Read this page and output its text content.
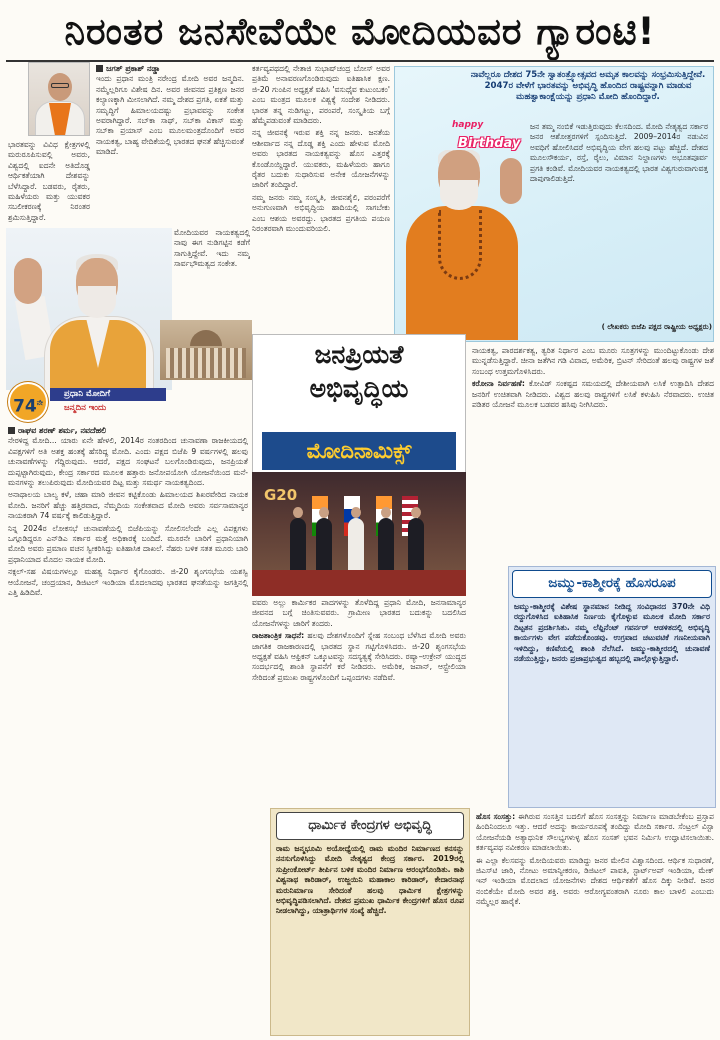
ನಿರಂತರ ಜನಸೇವೆಯೇ ಮೋದಿಯವರ ಗ್ಯಾರಂಟಿ!
ಜಗತ್ ಪ್ರಕಾಶ್ ನಡ್ಡಾ

ಇಂದು ಪ್ರಧಾನ ಮಂತ್ರಿ ನರೇಂದ್ರ ಮೋದಿ ಅವರ ಜನ್ಮದಿನ. ನಮ್ಮೆಲ್ಲರಿಗೂ ವಿಶೇಷ ದಿನ. ಅವರ ಜೀವನದ ಪ್ರತಿಕ್ಷಣ ಜನರ ಕಲ್ಯಾಣಕ್ಕಾಗಿ ಮೀಸಲಾಗಿದೆ. ನಮ್ಮ ದೇಶದ ಪ್ರಗತಿ, ಏಕತೆ ಮತ್ತು ಸಮೃದ್ಧಿಗೆ ಹಿಮಾಲಯದಷ್ಟು ಪ್ರಭಾವವನ್ನು ಸಂಕೇತ ಅವರಾಗಿದ್ದಾರೆ. ಸಬ್‌ಕಾ ಸಾಥ್, ಸಬ್‌ಕಾ ವಿಕಾಸ್ ಮತ್ತು ಸಬ್‌ಕಾ ಪ್ರಯಾಸ್ ಎಂಬ ಮೂಲಮಂತ್ರದೊಂದಿಗೆ ಅವರ ನಾಯಕತ್ವ, ಬಾಹ್ಯ ವೇದಿಕೆಯಲ್ಲಿ ಭಾರತದ ಘನತೆ ಹೆಚ್ಚಿಸುವಂತೆ ಮಾಡಿದೆ.

ಭಾರತವನ್ನು ವಿವಿಧ ಕ್ಷೇತ್ರಗಳಲ್ಲಿ ಮರುರೂಪಿಸುವಲ್ಲಿ ಅವರು, ವಿಶ್ವದಲ್ಲಿ ಐದನೇ ಅತಿದೊಡ್ಡ ಆರ್ಥಿಕತೆಯಾಗಿ ದೇಶವನ್ನು ಬೆಳೆಸಿದ್ದಾರೆ. ಬಡವರು, ರೈತರು, ಮಹಿಳೆಯರು ಮತ್ತು ಯುವಕರ ಸಬಲೀಕರಣಕ್ಕೆ ನಿರಂತರ ಶ್ರಮಿಸುತ್ತಿದ್ದಾರೆ.

ಮೋದಿಯವರ ನಾಯಕತ್ವದಲ್ಲಿ ನಾವು ಈಗ ನುಡಿಗಟ್ಟಿನ ಕಡೆಗೆ ಸಾಗುತ್ತಿದ್ದೇವೆ. ಇದು ನಮ್ಮ ಸಾರ್ವಭೌಮತ್ವದ ಸಂಕೇತ.

$74^{ನೇ}$
ಪ್ರಧಾನಿ ಮೋದಿಗೆ
ಜನ್ಮದಿನ ಇಂದು
ರಾಘವ ಶರಣ್ ಶರ್ಮ, ನವದೆಹಲಿ

ನೇರಳಿದ್ದ ಮೋದಿ... ಯಾರು ಏನೇ ಹೇಳಲಿ, 2014ರ ನಂತರದಿಂದ ಚುನಾವಣಾ ರಾಜಕೀಯದಲ್ಲಿ ವಿಪಕ್ಷಗಳಿಗೆ ಅತಿ ಅಶಕ್ತ ಹಂತಕ್ಕೆ ಹೆಸರಿದ್ದ ಮೋದಿ. ಎಂದು ಪಕ್ಷದ ಬಿಜೆಪಿ 9 ವರ್ಷಗಳಲ್ಲಿ ಹಲವು ಚುನಾವಣೆಗಳನ್ನು ಗೆದ್ದಿರುವುದು. ಆದರೆ, ಪಕ್ಷದ ಸಂಘಟನೆ ಬಲಗೊಂಡಿರುವುದು, ಜನಪ್ರಿಯತೆ ದುಪ್ಪಟ್ಟಾಗಿರುವುದು, ಕೇಂದ್ರ ಸರ್ಕಾರದ ಮೂಲಕ ಹತ್ತಾರು ಜನೋಪಯೋಗಿ ಯೋಜನೆಯಿಂದ ಮನೆ-ಮನಗಳನ್ನು ತಲುಪಿರುವುದು ಮೋದಿಯವರ ದಿಟ್ಟ ಮತ್ತು ಸಮರ್ಥ ನಾಯಕತ್ವದಿಂದ.

ಅನಾಥಾಲಯ ಬಾಲ್ಯ ಕಳೆ, ಚಹಾ ಮಾರಿ ಜೀವನ ಕಟ್ಟಿಕೊಂಡು ಹಿಮಾಲಯದ ಶಿಖರವೇರಿದ ನಾಯಕ ಮೋದಿ. ಜನರಿಗೆ ಹೆಚ್ಚು ಹತ್ತಿರವಾದ, ನೆಮ್ಮದಿಯ ಸಂಕೇತವಾದ ಮೋದಿ ಅವರು ಸರ್ವಸಾಮಾನ್ಯರ ನಾಯಕರಾಗಿ 74 ವರ್ಷಕ್ಕೆ ಕಾಲಿಡುತ್ತಿದ್ದಾರೆ.

ನಿನ್ನ 2024ರ ಲೋಕಸಭೆ ಚುನಾವಣೆಯಲ್ಲಿ ಬಿಜೆಪಿಯನ್ನು ಸೋಲಿಸಲೆಂದೇ ಎಲ್ಲ ವಿಪಕ್ಷಗಳು ಒಗ್ಗೂಡಿದ್ದರೂ ಎನ್‌ಡಿಎ ಸರ್ಕಾರ ಮತ್ತೆ ಅಧಿಕಾರಕ್ಕೆ ಬಂದಿದೆ. ಮೂರನೇ ಬಾರಿಗೆ ಪ್ರಧಾನಿಯಾಗಿ ಮೋದಿ ಅವರು ಪ್ರಮಾಣ ವಚನ ಸ್ವೀಕರಿಸಿದ್ದು ಐತಿಹಾಸಿಕ ದಾಖಲೆ. ನೆಹರು ಬಳಿಕ ಸತತ ಮೂರು ಬಾರಿ ಪ್ರಧಾನಿಯಾದ ಮೊದಲ ನಾಯಕ ಮೋದಿ.

ನಕ್ಸಲ್-ಸಹ ವಿಷಯಗಳಲ್ಲೂ ಮಹತ್ವ ನಿರ್ಧಾರ ಕೈಗೊಂಡರು. ಜಿ-20 ಶೃಂಗಸಭೆಯ ಯಶಸ್ವಿ ಆಯೋಜನೆ, ಚಂದ್ರಯಾನ, ಡಿಜಿಟಲ್ ಇಂಡಿಯಾ ಮೊದಲಾದವು ಭಾರತದ ಘನತೆಯನ್ನು ಜಗತ್ತಿನಲ್ಲಿ ಎತ್ತಿ ಹಿಡಿದಿವೆ.

ಕರ್ತವ್ಯಪಥದಲ್ಲಿ ನೇತಾಜಿ ಸುಭಾಷ್‌ಚಂದ್ರ ಬೋಸ್ ಅವರ ಪ್ರತಿಮೆ ಅನಾವರಣಗೊಂಡಿರುವುದು ಐತಿಹಾಸಿಕ ಕ್ಷಣ. ಜಿ-20 ಗುಂಪಿನ ಅಧ್ಯಕ್ಷತೆ ವಹಿಸಿ 'ವಸುಧೈವ ಕುಟುಂಬಕಂ' ಎಂಬ ಮಂತ್ರದ ಮೂಲಕ ವಿಶ್ವಕ್ಕೆ ಸಂದೇಶ ನೀಡಿದರು. ಭಾರತ ತನ್ನ ನುಡಿಗಟ್ಟು, ಪರಂಪರೆ, ಸಂಸ್ಕೃತಿಯ ಬಗ್ಗೆ ಹೆಮ್ಮೆಪಡುವಂತೆ ಮಾಡಿದರು.

ನನ್ನ ಜೀವನಕ್ಕೆ ಇರುವ ಶಕ್ತಿ ನನ್ನ ಜನರು. ಜನತೆಯ ಆಶೀರ್ವಾದ ನನ್ನ ದೊಡ್ಡ ಶಕ್ತಿ ಎಂದು ಹೇಳುವ ಮೋದಿ ಅವರು ಭಾರತದ ನಾಯಕತ್ವವನ್ನು ಹೊಸ ಎತ್ತರಕ್ಕೆ ಕೊಂಡೊಯ್ದಿದ್ದಾರೆ. ಯುವಕರು, ಮಹಿಳೆಯರು ಹಾಗೂ ರೈತರ ಬದುಕು ಸುಧಾರಿಸುವ ಅನೇಕ ಯೋಜನೆಗಳನ್ನು ಜಾರಿಗೆ ತಂದಿದ್ದಾರೆ.

ನಮ್ಮ ಜನರು ನಮ್ಮ ಸಂಸ್ಕೃತಿ, ಜೀವನಶೈಲಿ, ಪರಂಪರೆಗೆ ಅನುಗುಣವಾಗಿ ಅಭಿವೃದ್ಧಿಯ ಹಾದಿಯಲ್ಲಿ ಸಾಗಬೇಕು ಎಂಬ ಆಶಯ ಅವರದ್ದು. ಭಾರತದ ಪ್ರಗತಿಯ ಪಯಣ ನಿರಂತರವಾಗಿ ಮುಂದುವರಿಯಲಿ.

ನಾವೆಲ್ಲರೂ ದೇಶದ 75ನೇ ಸ್ವಾತಂತ್ರ್ಯೋತ್ಸವದ ಅಮೃತ ಕಾಲವನ್ನು ಸಂಭ್ರಮಿಸುತ್ತಿದ್ದೇವೆ. 2047ರ ವೇಳೆಗೆ ಭಾರತವನ್ನು ಅಭಿವೃದ್ಧಿ ಹೊಂದಿದ ರಾಷ್ಟ್ರವನ್ನಾಗಿ ಮಾಡುವ ಮಹತ್ವಾಕಾಂಕ್ಷೆಯನ್ನು ಪ್ರಧಾನಿ ಮೋದಿ ಹೊಂದಿದ್ದಾರೆ.
happy
Birthday

ಜನ ತಮ್ಮ ನಂಬಿಕೆ ಇಡುತ್ತಿರುವುದು ಕೆಲಸದಿಂದ. ಮೋದಿ ನೇತೃತ್ವದ ಸರ್ಕಾರ ಜನರ ಆಶೋತ್ತರಗಳಿಗೆ ಸ್ಪಂದಿಸುತ್ತಿದೆ. 2009–2014ರ ನಡುವಿನ ಅವಧಿಗೆ ಹೋಲಿಸಿದರೆ ಅಭಿವೃದ್ಧಿಯ ವೇಗ ಹಲವು ಪಟ್ಟು ಹೆಚ್ಚಿದೆ. ದೇಶದ ಮೂಲಸೌಕರ್ಯ, ರಸ್ತೆ, ರೈಲು, ವಿಮಾನ ನಿಲ್ದಾಣಗಳು ಅಭೂತಪೂರ್ವ ಪ್ರಗತಿ ಕಂಡಿವೆ. ಮೋದಿಯವರ ನಾಯಕತ್ವದಲ್ಲಿ ಭಾರತ ವಿಶ್ವಗುರುವಾಗುವತ್ತ ದಾಪುಗಾಲಿಡುತ್ತಿದೆ.

( ಲೇಖಕರು ಬಿಜೆಪಿ ಪಕ್ಷದ ರಾಷ್ಟ್ರೀಯ ಅಧ್ಯಕ್ಷರು)
ಜನಪ್ರಿಯತೆ
ಅಭಿವೃದ್ಧಿಯ
ಮೋದಿನಾಮಿಕ್ಸ್
G20

ವವರು ಅಲ್ಲು ಕಾರ್ಮಿಕರ ಪಾದಗಳನ್ನು ತೊಳೆದಿದ್ದ ಪ್ರಧಾನಿ ಮೋದಿ, ಜನಸಾಮಾನ್ಯರ ಜೀವನದ ಬಗ್ಗೆ ಚಿಂತಿಸುವವರು. ಗ್ರಾಮೀಣ ಭಾರತದ ಬದುಕನ್ನು ಬದಲಿಸಿದ ಯೋಜನೆಗಳನ್ನು ಜಾರಿಗೆ ತಂದರು.

ರಾಜತಾಂತ್ರಿಕ ಸಾಧನೆ: ಹಲವು ದೇಶಗಳೊಂದಿಗೆ ಸ್ನೇಹ ಸಂಬಂಧ ಬೆಳೆಸಿದ ಮೋದಿ ಅವರು ಜಾಗತಿಕ ರಾಜಕಾರಣದಲ್ಲಿ ಭಾರತದ ಸ್ಥಾನ ಗಟ್ಟಿಗೊಳಿಸಿದರು. ಜಿ-20 ಶೃಂಗಸಭೆಯ ಅಧ್ಯಕ್ಷತೆ ವಹಿಸಿ ಆಫ್ರಿಕನ್ ಒಕ್ಕೂಟವನ್ನು ಸದಸ್ಯತ್ವಕ್ಕೆ ಸೇರಿಸಿದರು. ರಷ್ಯಾ–ಉಕ್ರೇನ್ ಯುದ್ಧದ ಸಂದರ್ಭದಲ್ಲಿ ಶಾಂತಿ ಸ್ಥಾಪನೆಗೆ ಕರೆ ನೀಡಿದರು. ಅಮೆರಿಕ, ಜಪಾನ್, ಆಸ್ಟ್ರೇಲಿಯಾ ಸೇರಿದಂತೆ ಪ್ರಮುಖ ರಾಷ್ಟ್ರಗಳೊಂದಿಗೆ ಒಪ್ಪಂದಗಳು ನಡೆದಿವೆ.

ನಾಯಕತ್ವ, ಪಾರದರ್ಶಕತ್ವ, ತ್ವರಿತ ನಿರ್ಧಾರ ಎಂಬ ಮೂರು ಸೂತ್ರಗಳನ್ನು ಮುಂದಿಟ್ಟುಕೊಂಡು ದೇಶ ಮುನ್ನಡೆಸುತ್ತಿದ್ದಾರೆ. ಚೀನಾ ಜತೆಗಿನ ಗಡಿ ವಿವಾದ, ಅಮೆರಿಕ, ಬ್ರಿಟನ್ ಸೇರಿದಂತೆ ಹಲವು ರಾಷ್ಟ್ರಗಳ ಜತೆ ಸಂಬಂಧ ಉತ್ತಮಗೊಳಿಸಿದರು.

ಕರೋನಾ ನಿರ್ವಹಣೆ: ಕೋವಿಡ್ ಸಂಕಷ್ಟದ ಸಮಯದಲ್ಲಿ ದೇಶೀಯವಾಗಿ ಲಸಿಕೆ ಉತ್ಪಾದಿಸಿ ದೇಶದ ಜನರಿಗೆ ಉಚಿತವಾಗಿ ನೀಡಿದರು. ವಿಶ್ವದ ಹಲವು ರಾಷ್ಟ್ರಗಳಿಗೆ ಲಸಿಕೆ ಕಳುಹಿಸಿ ನೆರವಾದರು. ಉಚಿತ ಪಡಿತರ ಯೋಜನೆ ಮೂಲಕ ಬಡವರ ಹಸಿವು ನೀಗಿಸಿದರು.

ಜಮ್ಮು-ಕಾಶ್ಮೀರಕ್ಕೆ ಹೊಸರೂಪ

ಜಮ್ಮು-ಕಾಶ್ಮೀರಕ್ಕೆ ವಿಶೇಷ ಸ್ಥಾನಮಾನ ನೀಡಿದ್ದ ಸಂವಿಧಾನದ 370ನೇ ವಿಧಿ ರದ್ದುಗೊಳಿಸಿದ ಐತಿಹಾಸಿಕ ನಿರ್ಣಯ ಕೈಗೊಳ್ಳುವ ಮೂಲಕ ಮೋದಿ ಸರ್ಕಾರ ದಿಟ್ಟತನ ಪ್ರದರ್ಶಿಸಿತು. ನಮ್ಮ ಲೆಫ್ಟಿನೆಂಟ್ ಗವರ್ನರ್ ಆಡಳಿತದಲ್ಲಿ ಅಭಿವೃದ್ಧಿ ಕಾರ್ಯಗಳು ವೇಗ ಪಡೆದುಕೊಂಡವು. ಉಗ್ರವಾದ ಚಟುವಟಿಕೆ ಗಣನೀಯವಾಗಿ ಇಳಿದಿದ್ದು, ಕಣಿವೆಯಲ್ಲಿ ಶಾಂತಿ ನೆಲೆಸಿದೆ. ಜಮ್ಮು-ಕಾಶ್ಮೀರದಲ್ಲಿ ಚುನಾವಣೆ ನಡೆಯುತ್ತಿದ್ದು, ಜನರು ಪ್ರಜಾಪ್ರಭುತ್ವದ ಹಬ್ಬದಲ್ಲಿ ಪಾಲ್ಗೊಳ್ಳುತ್ತಿದ್ದಾರೆ.

ಧಾರ್ಮಿಕ ಕೇಂದ್ರಗಳ ಅಭಿವೃದ್ಧಿ

ರಾಮ ಜನ್ಮಭೂಮಿ ಅಯೋಧ್ಯೆಯಲ್ಲಿ ರಾಮ ಮಂದಿರ ನಿರ್ಮಾಣದ ಕನಸನ್ನು ನನಸುಗೊಳಿಸಿದ್ದು ಮೋದಿ ನೇತೃತ್ವದ ಕೇಂದ್ರ ಸರ್ಕಾರ. 2019ರಲ್ಲಿ ಸುಪ್ರೀಂಕೋರ್ಟ್ ತೀರ್ಪಿನ ಬಳಿಕ ಮಂದಿರ ನಿರ್ಮಾಣ ಆರಂಭಗೊಂಡಿತು. ಕಾಶಿ ವಿಶ್ವನಾಥ ಕಾರಿಡಾರ್, ಉಜ್ಜಯಿನಿ ಮಹಾಕಾಲ ಕಾರಿಡಾರ್, ಕೇದಾರನಾಥ ಮರುನಿರ್ಮಾಣ ಸೇರಿದಂತೆ ಹಲವು ಧಾರ್ಮಿಕ ಕ್ಷೇತ್ರಗಳನ್ನು ಅಭಿವೃದ್ಧಿಪಡಿಸಲಾಗಿದೆ. ದೇಶದ ಪ್ರಮುಖ ಧಾರ್ಮಿಕ ಕೇಂದ್ರಗಳಿಗೆ ಹೊಸ ರೂಪ ನೀಡಲಾಗಿದ್ದು, ಯಾತ್ರಾರ್ಥಿಗಳ ಸಂಖ್ಯೆ ಹೆಚ್ಚಿದೆ.

ಹೊಸ ಸಂಸತ್ತು: ಈಗಿರುವ ಸಂಸತ್ತಿನ ಬದಲಿಗೆ ಹೊಸ ಸಂಸತ್ತನ್ನು ನಿರ್ಮಾಣ ಮಾಡಬೇಕೆಂಬ ಪ್ರಸ್ತಾಪ ಹಿಂದಿನಿಂದಲೂ ಇತ್ತು. ಆದರೆ ಅದನ್ನು ಕಾರ್ಯರೂಪಕ್ಕೆ ತಂದಿದ್ದು ಮೋದಿ ಸರ್ಕಾರ. ಸೆಂಟ್ರಲ್ ವಿಸ್ಟಾ ಯೋಜನೆಯಡಿ ಅತ್ಯಾಧುನಿಕ ಸೌಲಭ್ಯಗಳುಳ್ಳ ಹೊಸ ಸಂಸತ್ ಭವನ ನಿರ್ಮಿಸಿ ಉದ್ಘಾಟಿಸಲಾಯಿತು. ಕರ್ತವ್ಯಪಥ ನವೀಕರಣ ಮಾಡಲಾಯಿತು.

ಈ ಎಲ್ಲಾ ಕೆಲಸವನ್ನು ಮೋದಿಯವರು ಮಾಡಿದ್ದು ಜನರ ಮೇಲಿನ ವಿಶ್ವಾಸದಿಂದ. ಆರ್ಥಿಕ ಸುಧಾರಣೆ, ಜಿಎಸ್‌ಟಿ ಜಾರಿ, ನೋಟು ಅಮಾನ್ಯೀಕರಣ, ಡಿಜಿಟಲ್ ಪಾವತಿ, ಸ್ಟಾರ್ಟ್‌ಅಪ್ ಇಂಡಿಯಾ, ಮೇಕ್ ಇನ್ ಇಂಡಿಯಾ ಮೊದಲಾದ ಯೋಜನೆಗಳು ದೇಶದ ಆರ್ಥಿಕತೆಗೆ ಹೊಸ ದಿಕ್ಕು ನೀಡಿವೆ. ಜನರ ನಂಬಿಕೆಯೇ ಮೋದಿ ಅವರ ಶಕ್ತಿ. ಅವರು ಆರೋಗ್ಯವಂತರಾಗಿ ನೂರು ಕಾಲ ಬಾಳಲಿ ಎಂಬುದು ನಮ್ಮೆಲ್ಲರ ಹಾರೈಕೆ.
